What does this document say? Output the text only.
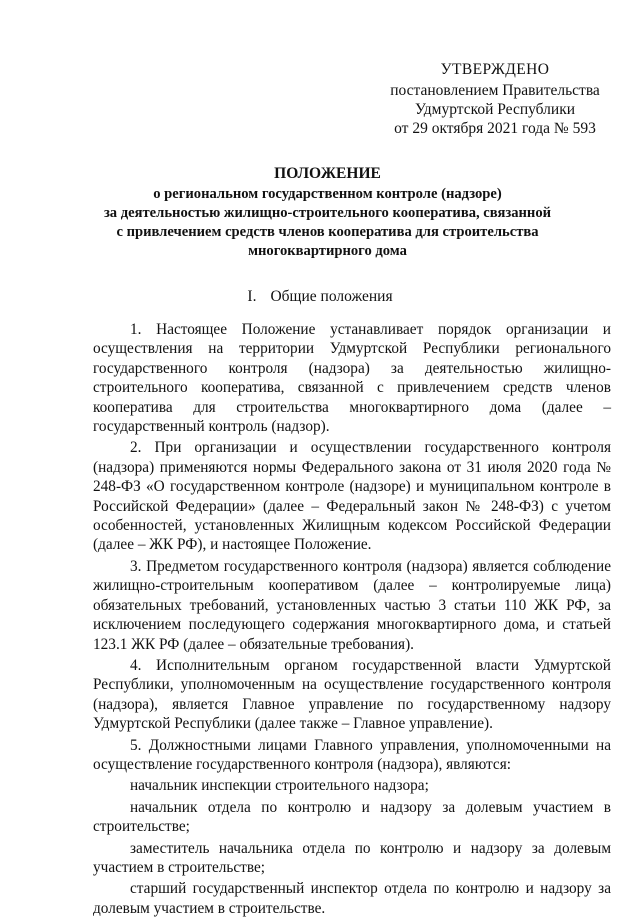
УТВЕРЖДЕНО
постановлением Правительства
Удмуртской Республики
от 29 октября 2021 года № 593
ПОЛОЖЕНИЕ
о региональном государственном контроле (надзоре)
за деятельностью жилищно-строительного кооператива, связанной
с привлечением средств членов кооператива для строительства
многоквартирного дома
I. Общие положения

1. Настоящее Положение устанавливает порядок организации и осуществления на территории Удмуртской Республики регионального государственного контроля (надзора) за деятельностью жилищно-строительного кооператива, связанной с привлечением средств членов кооператива для строительства многоквартирного дома (далее – государственный контроль (надзор).

2. При организации и осуществлении государственного контроля (надзора) применяются нормы Федерального закона от 31 июля 2020 года № 248-ФЗ «О государственном контроле (надзоре) и муниципальном контроле в Российской Федерации» (далее – Федеральный закон № 248-ФЗ) с учетом особенностей, установленных Жилищным кодексом Российской Федерации (далее – ЖК РФ), и настоящее Положение.

3. Предметом государственного контроля (надзора) является соблюдение жилищно-строительным кооперативом (далее – контролируемые лица) обязательных требований, установленных частью 3 статьи 110 ЖК РФ, за исключением последующего содержания многоквартирного дома, и статьей 123.1 ЖК РФ (далее – обязательные требования).

4. Исполнительным органом государственной власти Удмуртской Республики, уполномоченным на осуществление государственного контроля (надзора), является Главное управление по государственному надзору Удмуртской Республики (далее также – Главное управление).

5. Должностными лицами Главного управления, уполномоченными на осуществление государственного контроля (надзора), являются:

начальник инспекции строительного надзора;

начальник отдела по контролю и надзору за долевым участием в строительстве;

заместитель начальника отдела по контролю и надзору за долевым участием в строительстве;

старший государственный инспектор отдела по контролю и надзору за долевым участием в строительстве.
